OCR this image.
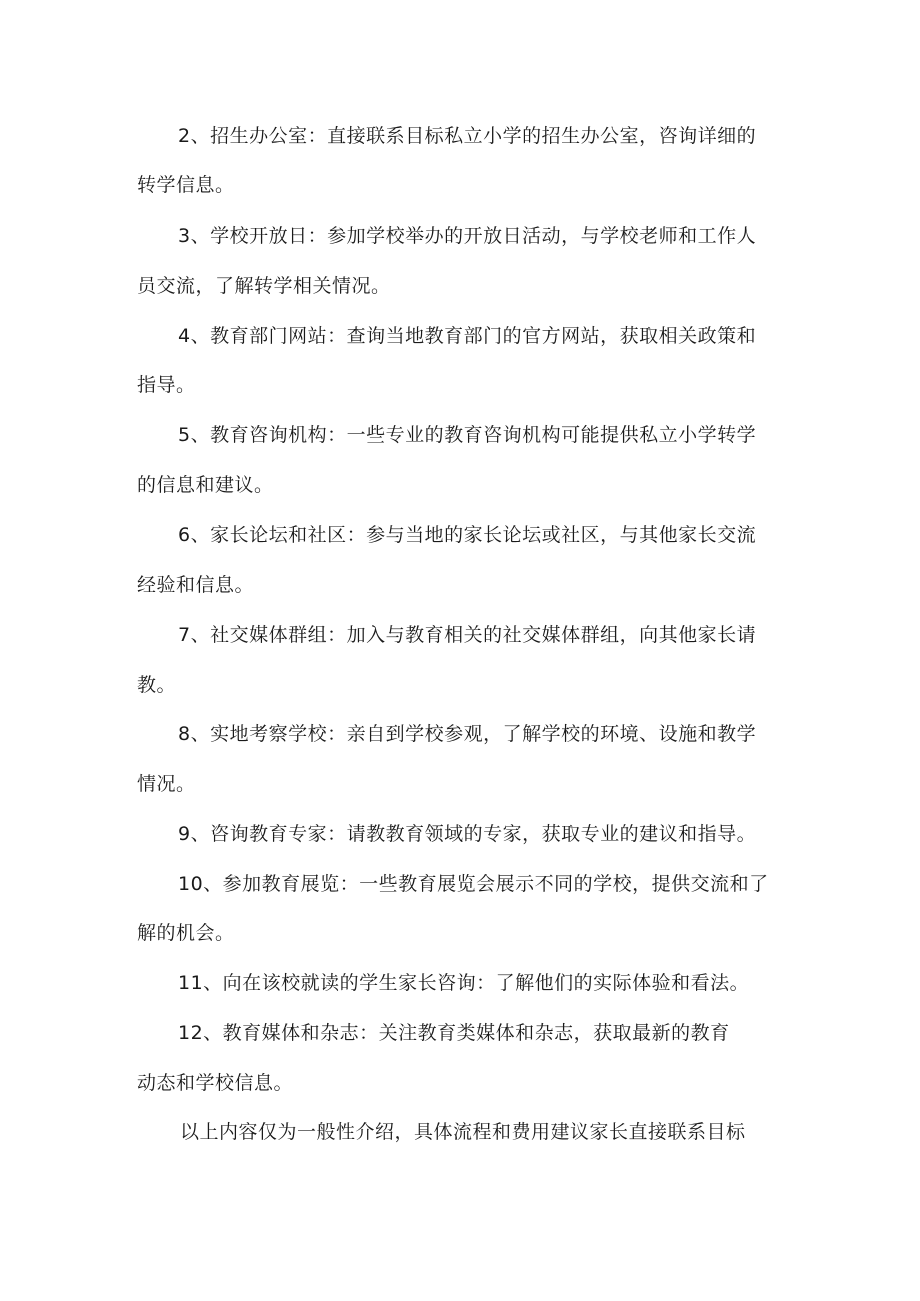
2、招生办公室：直接联系目标私立小学的招生办公室，咨询详细的

转学信息。

3、学校开放日：参加学校举办的开放日活动，与学校老师和工作人

员交流，了解转学相关情况。

4、教育部门网站：查询当地教育部门的官方网站，获取相关政策和

指导。

5、教育咨询机构：一些专业的教育咨询机构可能提供私立小学转学

的信息和建议。

6、家长论坛和社区：参与当地的家长论坛或社区，与其他家长交流

经验和信息。

7、社交媒体群组：加入与教育相关的社交媒体群组，向其他家长请

教。

8、实地考察学校：亲自到学校参观，了解学校的环境、设施和教学

情况。

9、咨询教育专家：请教教育领域的专家，获取专业的建议和指导。

10、参加教育展览：一些教育展览会展示不同的学校，提供交流和了

解的机会。

11、向在该校就读的学生家长咨询：了解他们的实际体验和看法。

12、教育媒体和杂志：关注教育类媒体和杂志，获取最新的教育

动态和学校信息。

以上内容仅为一般性介绍，具体流程和费用建议家长直接联系目标
